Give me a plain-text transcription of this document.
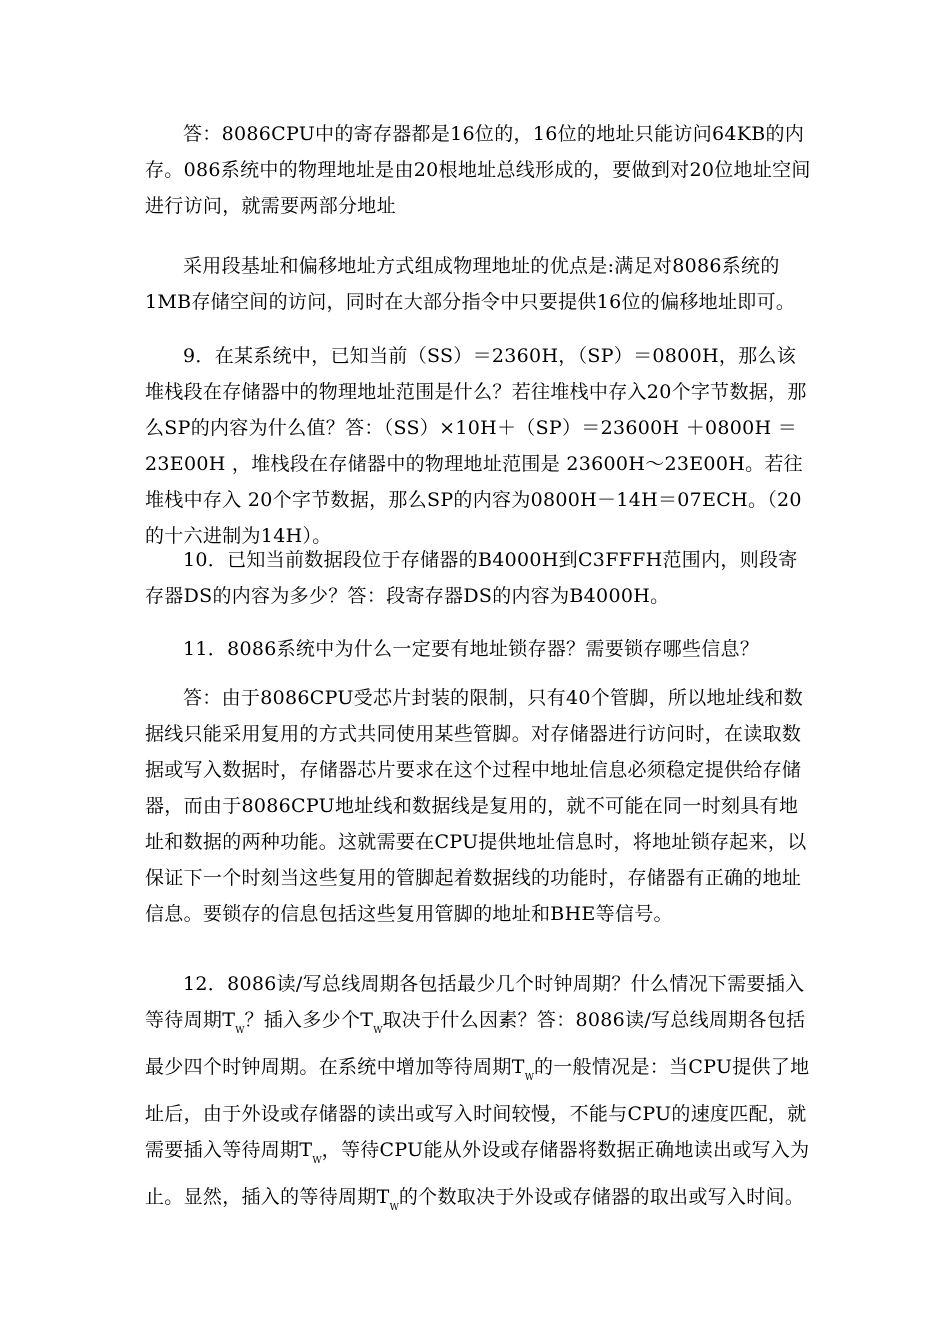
答：8086CPU中的寄存器都是16位的，16位的地址只能访问64KB的内存。086系统中的物理地址是由20根地址总线形成的，要做到对20位地址空间进行访问，就需要两部分地址

采用段基址和偏移地址方式组成物理地址的优点是:满足对8086系统的1MB存储空间的访问，同时在大部分指令中只要提供16位的偏移地址即可。

9．在某系统中，已知当前（SS）＝2360H，（SP）＝0800H，那么该堆栈段在存储器中的物理地址范围是什么？若往堆栈中存入20个字节数据，那么SP的内容为什么值？答：（SS）×10H＋（SP）＝23600H ＋0800H ＝23E00H ，堆栈段在存储器中的物理地址范围是 23600H～23E00H。若往堆栈中存入 20个字节数据，那么SP的内容为0800H－14H＝07ECH。（20的十六进制为14H）。

10．已知当前数据段位于存储器的B4000H到C3FFFH范围内，则段寄存器DS的内容为多少？答：段寄存器DS的内容为B4000H。

11．8086系统中为什么一定要有地址锁存器？需要锁存哪些信息？

答：由于8086CPU受芯片封装的限制，只有40个管脚，所以地址线和数据线只能采用复用的方式共同使用某些管脚。对存储器进行访问时，在读取数据或写入数据时，存储器芯片要求在这个过程中地址信息必须稳定提供给存储器，而由于8086CPU地址线和数据线是复用的，就不可能在同一时刻具有地址和数据的两种功能。这就需要在CPU提供地址信息时，将地址锁存起来，以保证下一个时刻当这些复用的管脚起着数据线的功能时，存储器有正确的地址信息。要锁存的信息包括这些复用管脚的地址和BHE等信号。

12．8086读/写总线周期各包括最少几个时钟周期？什么情况下需要插入等待周期$T_W$？插入多少个$T_W$取决于什么因素？答：8086读/写总线周期各包括最少四个时钟周期。在系统中增加等待周期$T_W$的一般情况是：当CPU提供了地址后，由于外设或存储器的读出或写入时间较慢，不能与CPU的速度匹配，就需要插入等待周期$T_W$，等待CPU能从外设或存储器将数据正确地读出或写入为止。显然，插入的等待周期$T_W$的个数取决于外设或存储器的取出或写入时间。
